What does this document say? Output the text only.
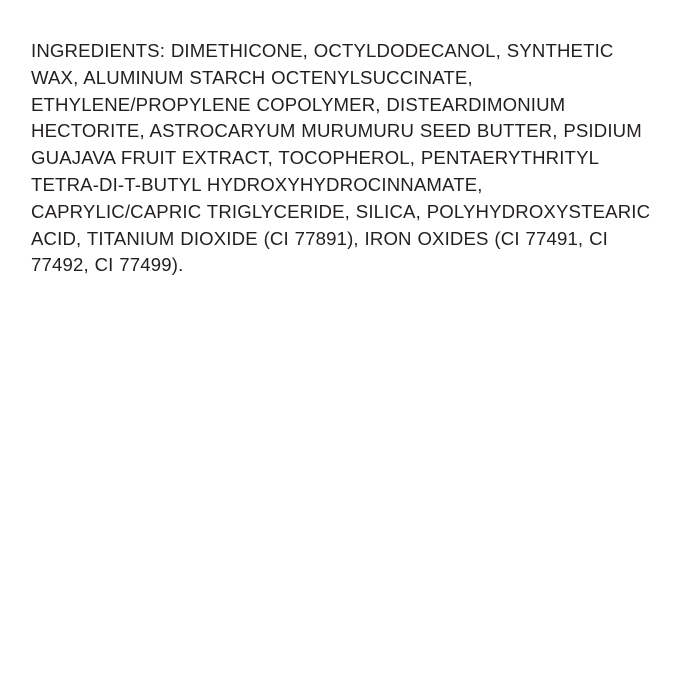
INGREDIENTS: DIMETHICONE, OCTYLDODECANOL, SYNTHETIC WAX, ALUMINUM STARCH OCTENYLSUCCINATE, ETHYLENE/PROPYLENE COPOLYMER, DISTEARDIMONIUM HECTORITE, ASTROCARYUM MURUMURU SEED BUTTER, PSIDIUM GUAJAVA FRUIT EXTRACT, TOCOPHEROL, PENTAERYTHRITYL TETRA-DI-T-BUTYL HYDROXYHYDROCINNAMATE, CAPRYLIC/CAPRIC TRIGLYCERIDE, SILICA, POLYHYDROXYSTEARIC ACID, TITANIUM DIOXIDE (CI 77891), IRON OXIDES (CI 77491, CI 77492, CI 77499).
